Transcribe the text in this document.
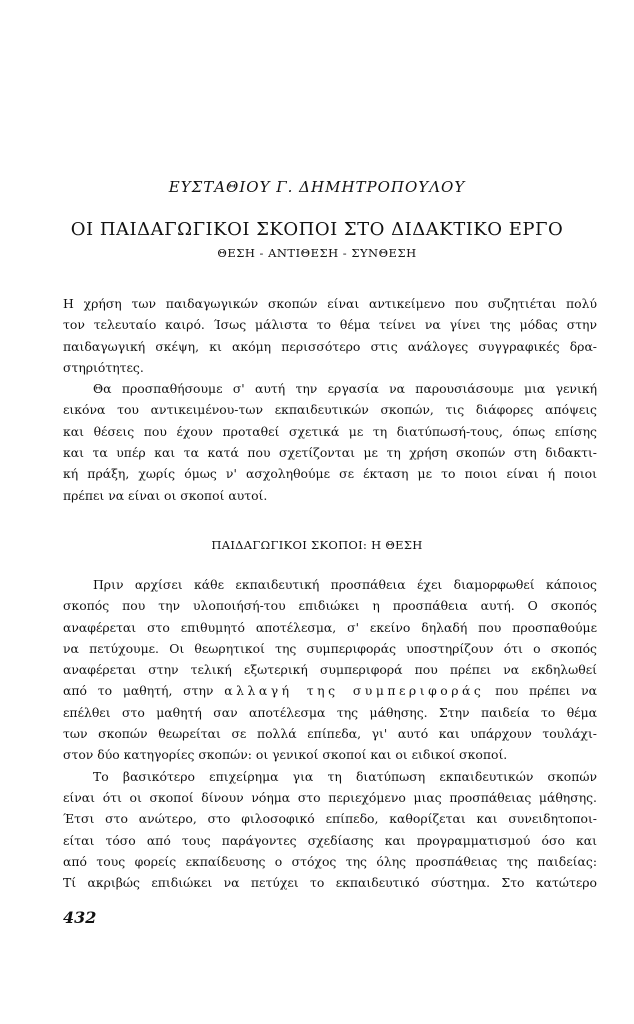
ΕΥΣΤΑΘΙΟΥ Γ. ΔΗΜΗΤΡΟΠΟΥΛΟΥ
ΟΙ ΠΑΙΔΑΓΩΓΙΚΟΙ ΣΚΟΠΟΙ ΣΤΟ ΔΙΔΑΚΤΙΚΟ ΕΡΓΟ
ΘΕΣΗ - ΑΝΤΙΘΕΣΗ - ΣΥΝΘΕΣΗ
Η χρήση των παιδαγωγικών σκοπών είναι αντικείμενο που συζητιέται πολύ
τον τελευταίο καιρό. Ίσως μάλιστα το θέμα τείνει να γίνει της μόδας στην
παιδαγωγική σκέψη, κι ακόμη περισσότερο στις ανάλογες συγγραφικές δρα-
στηριότητες.
Θα προσπαθήσουμε σ' αυτή την εργασία να παρουσιάσουμε μια γενική
εικόνα του αντικειμένου-των εκπαιδευτικών σκοπών, τις διάφορες απόψεις
και θέσεις που έχουν προταθεί σχετικά με τη διατύπωσή-τους, όπως επίσης
και τα υπέρ και τα κατά που σχετίζονται με τη χρήση σκοπών στη διδακτι-
κή πράξη, χωρίς όμως ν' ασχοληθούμε σε έκταση με το ποιοι είναι ή ποιοι
πρέπει να είναι οι σκοποί αυτοί.
ΠΑΙΔΑΓΩΓΙΚΟΙ ΣΚΟΠΟΙ: Η ΘΕΣΗ
Πριν αρχίσει κάθε εκπαιδευτική προσπάθεια έχει διαμορφωθεί κάποιος
σκοπός που την υλοποιήσή-του επιδιώκει η προσπάθεια αυτή. Ο σκοπός
αναφέρεται στο επιθυμητό αποτέλεσμα, σ' εκείνο δηλαδή που προσπαθούμε
να πετύχουμε. Οι θεωρητικοί της συμπεριφοράς υποστηρίζουν ότι ο σκοπός
αναφέρεται στην τελική εξωτερική συμπεριφορά που πρέπει να εκδηλωθεί
από το μαθητή, στην αλλαγή της συμπεριφοράς που πρέπει να
επέλθει στο μαθητή σαν αποτέλεσμα της μάθησης. Στην παιδεία το θέμα
των σκοπών θεωρείται σε πολλά επίπεδα, γι' αυτό και υπάρχουν τουλάχι-
στον δύο κατηγορίες σκοπών: οι γενικοί σκοποί και οι ειδικοί σκοποί.
Το βασικότερο επιχείρημα για τη διατύπωση εκπαιδευτικών σκοπών
είναι ότι οι σκοποί δίνουν νόημα στο περιεχόμενο μιας προσπάθειας μάθησης.
Έτσι στο ανώτερο, στο φιλοσοφικό επίπεδο, καθορίζεται και συνειδητοποι-
είται τόσο από τους παράγοντες σχεδίασης και προγραμματισμού όσο και
από τους φορείς εκπαίδευσης ο στόχος της όλης προσπάθειας της παιδείας:
Τί ακριβώς επιδιώκει να πετύχει το εκπαιδευτικό σύστημα. Στο κατώτερο
432
